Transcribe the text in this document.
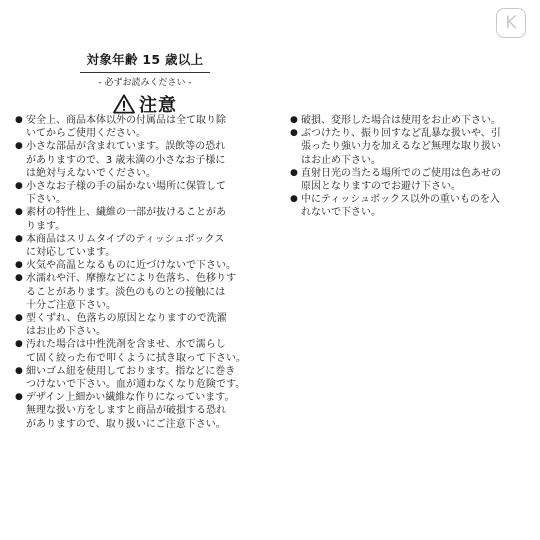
K
対象年齢 15 歳以上
- 必ずお読みください -
注意
● 安全上、商品本体以外の付属品は全て取り除
いてからご使用ください。
● 小さな部品が含まれています。誤飲等の恐れ
がありますので、3 歳未満の小さなお子様に
は絶対与えないでください。
● 小さなお子様の手の届かない場所に保管して
下さい。
● 素材の特性上、繊維の一部が抜けることがあ
ります。
● 本商品はスリムタイプのティッシュボックス
に対応しています。
● 火気や高温となるものに近づけないで下さい。
● 水濡れや汗、摩擦などにより色落ち、色移りす
ることがあります。淡色のものとの接触には
十分ご注意下さい。
● 型くずれ、色落ちの原因となりますので洗濯
はお止め下さい。
● 汚れた場合は中性洗剤を含ませ、水で濡らし
て固く絞った布で叩くように拭き取って下さい。
● 細いゴム紐を使用しております。指などに巻き
つけないで下さい。血が通わなくなり危険です。
● デザイン上細かい繊維な作りになっています。
無理な扱い方をしますと商品が破損する恐れ
がありますので、取り扱いにご注意下さい。
● 破損、変形した場合は使用をお止め下さい。
● ぶつけたり、振り回すなど乱暴な扱いや、引
張ったり強い力を加えるなど無理な取り扱い
はお止め下さい。
● 直射日光の当たる場所でのご使用は色あせの
原因となりますのでお避け下さい。
● 中にティッシュボックス以外の重いものを入
れないで下さい。
